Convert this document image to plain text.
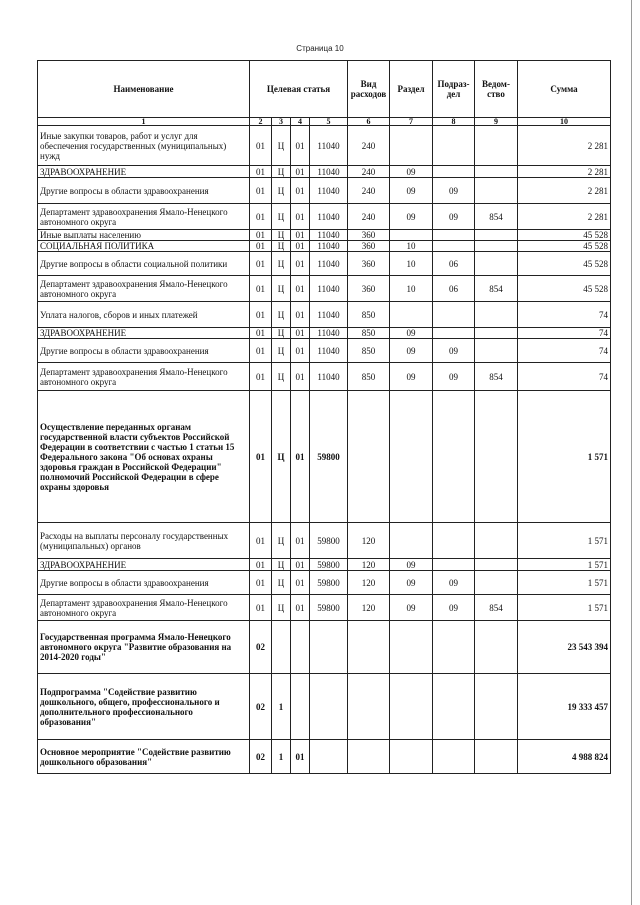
Страница 10
Наименование	Целевая статья				Вид расходов	Раздел	Подраз-дел	Ведом-ство	Сумма
1	2	3	4	5	6	7	8	9	10
Иные закупки товаров, работ и услуг для обеспечения государственных (муниципальных) нужд	01	Ц	01	11040	240				2 281
ЗДРАВООХРАНЕНИЕ	01	Ц	01	11040	240	09			2 281
Другие вопросы в области здравоохранения	01	Ц	01	11040	240	09	09		2 281
Департамент здравоохранения Ямало-Ненецкого автономного округа	01	Ц	01	11040	240	09	09	854	2 281
Иные выплаты населению	01	Ц	01	11040	360				45 528
СОЦИАЛЬНАЯ ПОЛИТИКА	01	Ц	01	11040	360	10			45 528
Другие вопросы в области социальной политики	01	Ц	01	11040	360	10	06		45 528
Департамент здравоохранения Ямало-Ненецкого автономного округа	01	Ц	01	11040	360	10	06	854	45 528
Уплата налогов, сборов и иных платежей	01	Ц	01	11040	850				74
ЗДРАВООХРАНЕНИЕ	01	Ц	01	11040	850	09			74
Другие вопросы в области здравоохранения	01	Ц	01	11040	850	09	09		74
Департамент здравоохранения Ямало-Ненецкого автономного округа	01	Ц	01	11040	850	09	09	854	74
Осуществление переданных органам государственной власти субъектов Российской Федерации в соответствии с частью 1 статьи 15 Федерального закона "Об основах охраны здоровья граждан в Российской Федерации" полномочий Российской Федерации в сфере охраны здоровья	01	Ц	01	59800					1 571
Расходы на выплаты персоналу государственных (муниципальных) органов	01	Ц	01	59800	120				1 571
ЗДРАВООХРАНЕНИЕ	01	Ц	01	59800	120	09			1 571
Другие вопросы в области здравоохранения	01	Ц	01	59800	120	09	09		1 571
Департамент здравоохранения Ямало-Ненецкого автономного округа	01	Ц	01	59800	120	09	09	854	1 571
Государственная программа Ямало-Ненецкого автономного округа "Развитие образования на 2014-2020 годы"	02								23 543 394
Подпрограмма "Содействие развитию дошкольного, общего, профессионального и дополнительного профессионального образования"	02	1							19 333 457
Основное мероприятие "Содействие развитию дошкольного образования"	02	1	01						4 988 824
